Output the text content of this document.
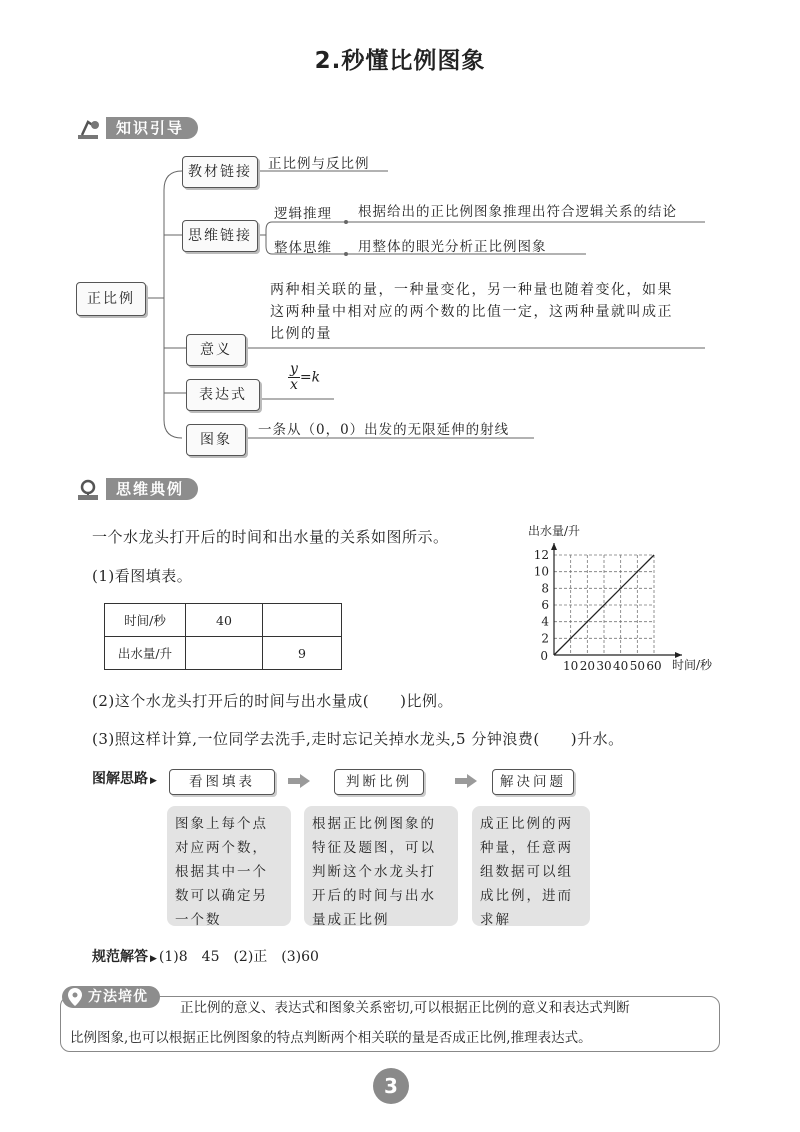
2.秒懂比例图象
知识引导
正比例
教材链接	正比例与反比例
思维链接
逻辑推理 根据给出的正比例图象推理出符合逻辑关系的结论
整体思维 用整体的眼光分析正比例图象
两种相关联的量，一种量变化，另一种量也随着变化，如果
这两种量中相对应的两个数的比值一定，这两种量就叫成正
比例的量
意义
表达式
$\frac{y}{x} =k$
图象
一条从（0，0）出发的无限延伸的射线
思维典例
一个水龙头打开后的时间和出水量的关系如图所示。
(1)看图填表。
时间/秒	40	
出水量/升		9
出水量/升
10 20 30 40 50 60
2
4
6
8
10
12
0
时间/秒
(2)这个水龙头打开后的时间与出水量成(　　)比例。
(3)照这样计算,一位同学去洗手,走时忘记关掉水龙头,5 分钟浪费(　　)升水。
图解思路 ▶	看图填表	判断比例	解决问题
图象上每个点
对应两个数，
根据其中一个
数可以确定另
一个数
根据正比例图象的
特征及题图，可以
判断这个水龙头打
开后的时间与出水
量成正比例
成正比例的两
种量，任意两
组数据可以组
成比例，进而
求解
规范解答 ▶ (1)8　45　(2)正　(3)60
方法培优
正比例的意义、表达式和图象关系密切,可以根据正比例的意义和表达式判断
比例图象,也可以根据正比例图象的特点判断两个相关联的量是否成正比例,推理表达式。
3
